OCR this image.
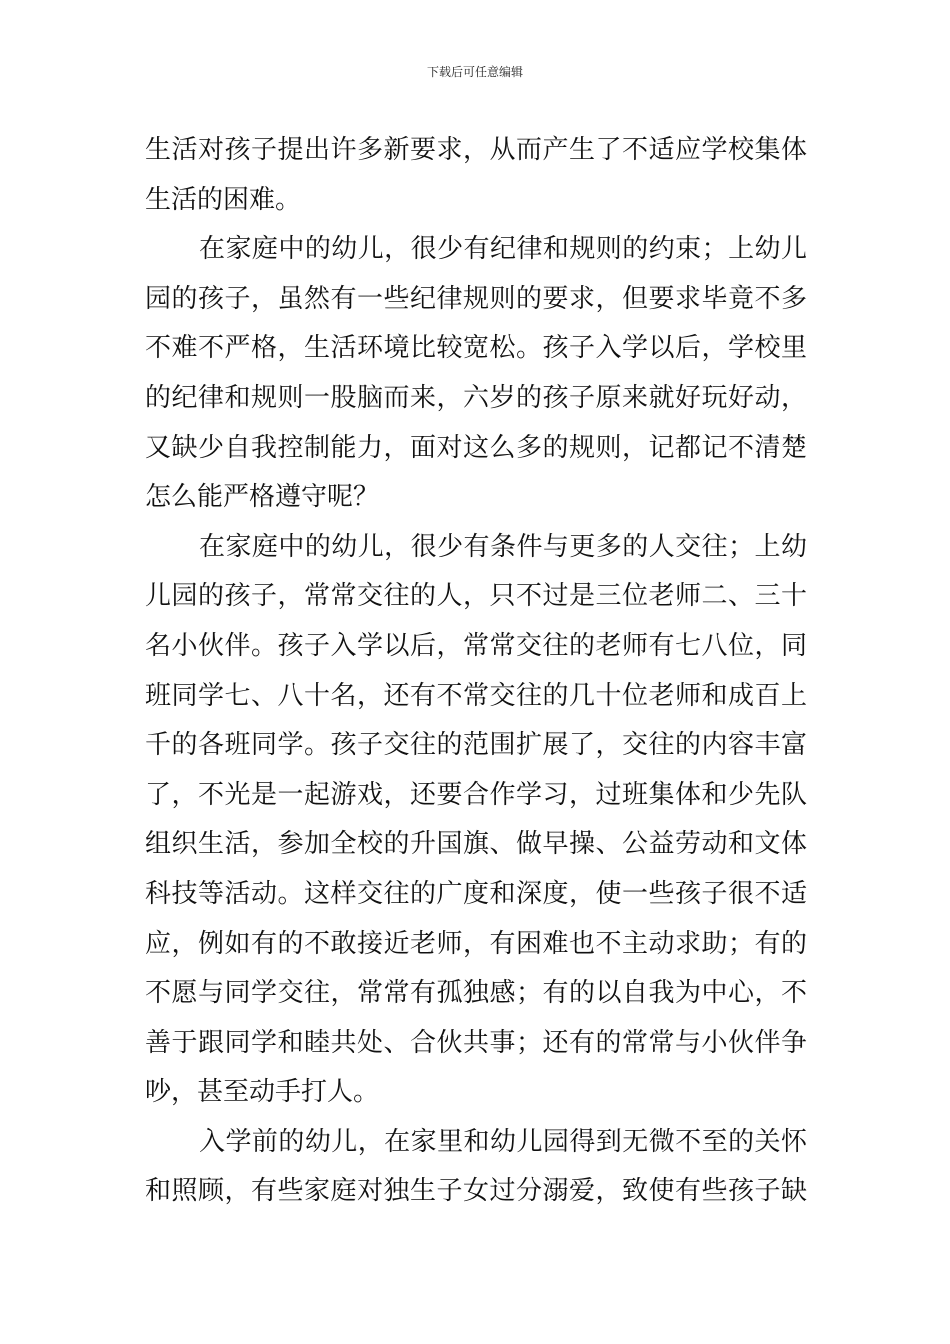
下载后可任意编辑
生活对孩子提出许多新要求，从而产生了不适应学校集体
生活的困难。
在家庭中的幼儿，很少有纪律和规则的约束；上幼儿
园的孩子，虽然有一些纪律规则的要求，但要求毕竟不多
不难不严格，生活环境比较宽松。孩子入学以后，学校里
的纪律和规则一股脑而来，六岁的孩子原来就好玩好动，
又缺少自我控制能力，面对这么多的规则，记都记不清楚
怎么能严格遵守呢？
在家庭中的幼儿，很少有条件与更多的人交往；上幼
儿园的孩子，常常交往的人，只不过是三位老师二、三十
名小伙伴。孩子入学以后，常常交往的老师有七八位，同
班同学七、八十名，还有不常交往的几十位老师和成百上
千的各班同学。孩子交往的范围扩展了，交往的内容丰富
了，不光是一起游戏，还要合作学习，过班集体和少先队
组织生活，参加全校的升国旗、做早操、公益劳动和文体
科技等活动。这样交往的广度和深度，使一些孩子很不适
应，例如有的不敢接近老师，有困难也不主动求助；有的
不愿与同学交往，常常有孤独感；有的以自我为中心，不
善于跟同学和睦共处、合伙共事；还有的常常与小伙伴争
吵，甚至动手打人。
入学前的幼儿，在家里和幼儿园得到无微不至的关怀
和照顾，有些家庭对独生子女过分溺爱，致使有些孩子缺
